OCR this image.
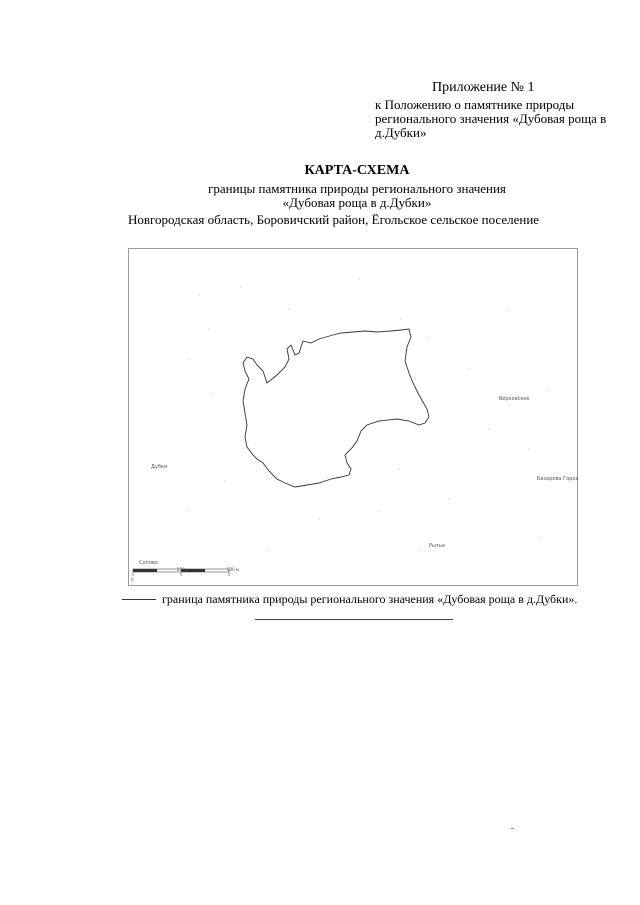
Приложение № 1
к Положению о памятнике природы регионального значения «Дубовая роща в д.Дубки»
КАРТА-СХЕМА
границы памятника природы регионального значения
«Дубовая роща в д.Дубки»
Новгородская область, Боровичский район, Ёгольское сельское поселение
Дубки
Верховское
Базарова Горка
Рытье
Сопово
0
250 м	500 м
граница памятника природы регионального значения «Дубовая роща в д.Дубки».
